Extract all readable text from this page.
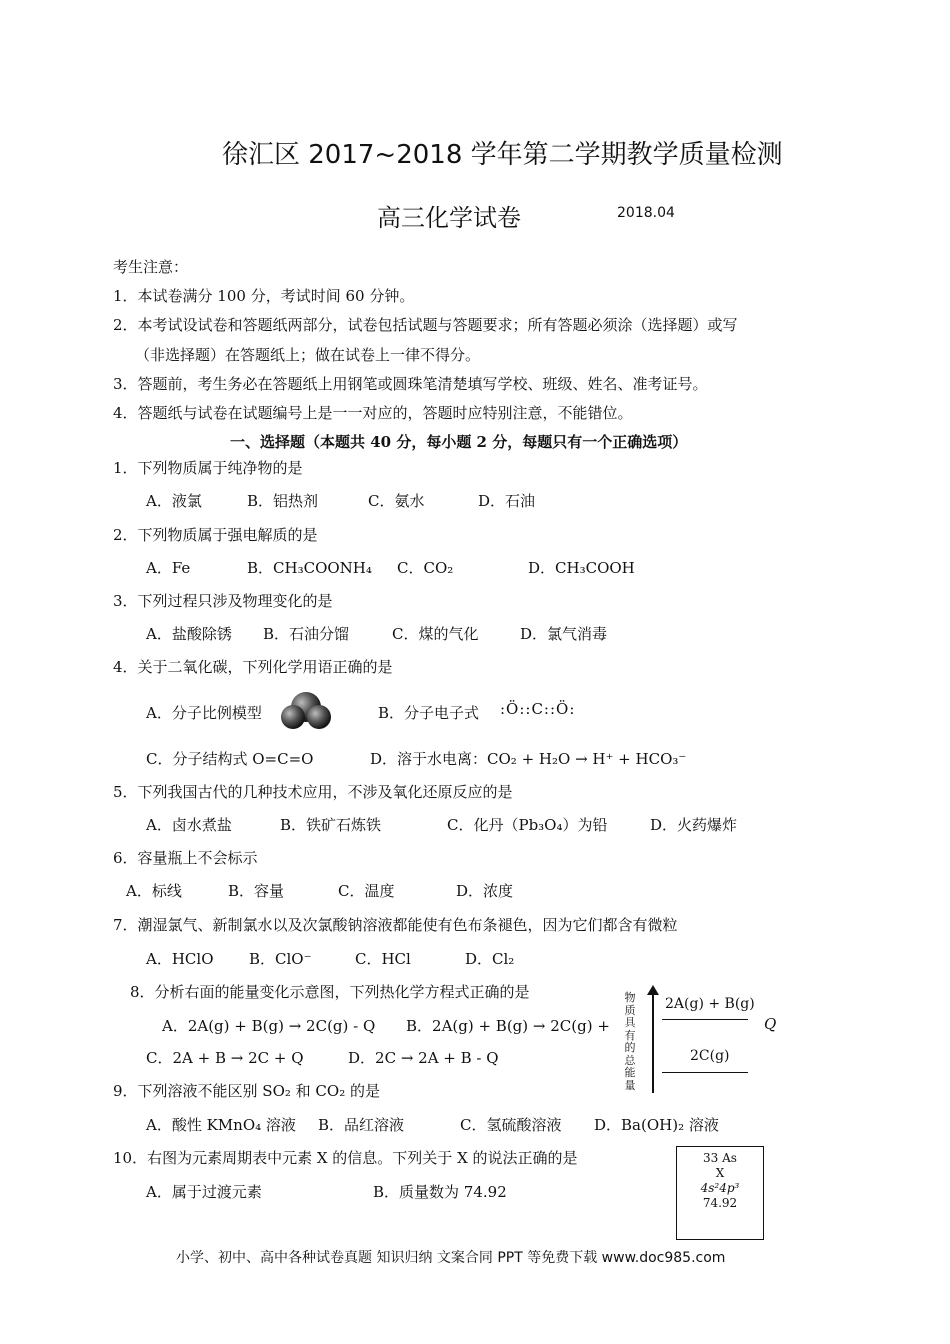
徐汇区 2017~2018 学年第二学期教学质量检测
高三化学试卷	2018.04
考生注意：
1．本试卷满分 100 分，考试时间 60 分钟。
2．本考试设试卷和答题纸两部分，试卷包括试题与答题要求；所有答题必须涂（选择题）或写
（非选择题）在答题纸上；做在试卷上一律不得分。
3．答题前，考生务必在答题纸上用钢笔或圆珠笔清楚填写学校、班级、姓名、准考证号。
4．答题纸与试卷在试题编号上是一一对应的，答题时应特别注意，不能错位。
一、选择题（本题共 40 分，每小题 2 分，每题只有一个正确选项）
1．下列物质属于纯净物的是
A．液氯	B．铝热剂	C．氨水	D．石油
2．下列物质属于强电解质的是
A．Fe	B．CH₃COONH₄ C．CO₂	D．CH₃COOH
3．下列过程只涉及物理变化的是
A．盐酸除锈 B．石油分馏	C．煤的气化	D．氯气消毒
4．关于二氧化碳，下列化学用语正确的是
A．分子比例模型	B．分子电子式 :Ö::C::Ö:
C．分子结构式 O=C=O	D．溶于水电离：CO₂ + H₂O → H⁺ + HCO₃⁻
5．下列我国古代的几种技术应用，不涉及氧化还原反应的是
A．卤水煮盐	B．铁矿石炼铁	C．化丹（Pb₃O₄）为铅	D．火药爆炸
6．容量瓶上不会标示
A．标线	B．容量	C．温度	D．浓度
7．潮湿氯气、新制氯水以及次氯酸钠溶液都能使有色布条褪色，因为它们都含有微粒
A．HClO B．ClO⁻	C．HCl	D．Cl₂
8．分析右面的能量变化示意图，下列热化学方程式正确的是
A．2A(g) + B(g) → 2C(g) - Q B．2A(g) + B(g) → 2C(g) +
C．2A + B → 2C + Q	D．2C → 2A + B - Q
物质具有的总能量
2A(g) + B(g)
Q
2C(g)
9．下列溶液不能区别 SO₂ 和 CO₂ 的是
A．酸性 KMnO₄ 溶液 B．品红溶液	C．氢硫酸溶液 D．Ba(OH)₂ 溶液
10．右图为元素周期表中元素 X 的信息。下列关于 X 的说法正确的是
A．属于过渡元素	B．质量数为 74.92
33 As
X
4s²4p³
74.92
小学、初中、高中各种试卷真题 知识归纳 文案合同 PPT 等免费下载 www.doc985.com
